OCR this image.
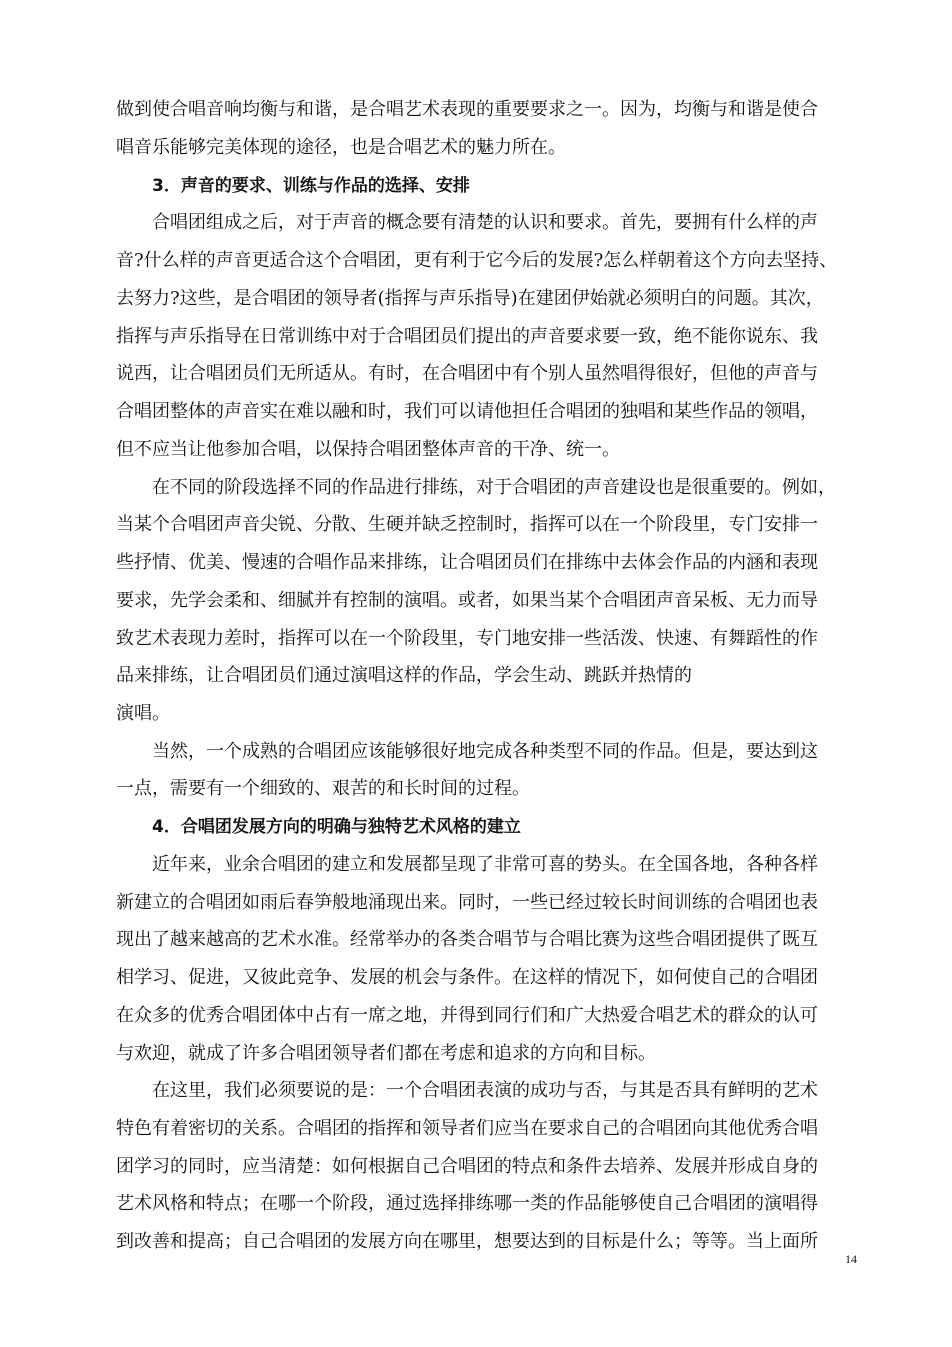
做到使合唱音响均衡与和谐，是合唱艺术表现的重要要求之一。因为，均衡与和谐是使合
唱音乐能够完美体现的途径，也是合唱艺术的魅力所在。
3．声音的要求、训练与作品的选择、安排
合唱团组成之后，对于声音的概念要有清楚的认识和要求。首先，要拥有什么样的声
音?什么样的声音更适合这个合唱团，更有利于它今后的发展?怎么样朝着这个方向去坚持、
去努力?这些，是合唱团的领导者(指挥与声乐指导)在建团伊始就必须明白的问题。其次，
指挥与声乐指导在日常训练中对于合唱团员们提出的声音要求要一致，绝不能你说东、我
说西，让合唱团员们无所适从。有时，在合唱团中有个别人虽然唱得很好，但他的声音与
合唱团整体的声音实在难以融和时，我们可以请他担任合唱团的独唱和某些作品的领唱，
但不应当让他参加合唱，以保持合唱团整体声音的干净、统一。
在不同的阶段选择不同的作品进行排练，对于合唱团的声音建设也是很重要的。例如，
当某个合唱团声音尖锐、分散、生硬并缺乏控制时，指挥可以在一个阶段里，专门安排一
些抒情、优美、慢速的合唱作品来排练，让合唱团员们在排练中去体会作品的内涵和表现
要求，先学会柔和、细腻并有控制的演唱。或者，如果当某个合唱团声音呆板、无力而导
致艺术表现力差时，指挥可以在一个阶段里，专门地安排一些活泼、快速、有舞蹈性的作
品来排练，让合唱团员们通过演唱这样的作品，学会生动、跳跃并热情的
演唱。
当然，一个成熟的合唱团应该能够很好地完成各种类型不同的作品。但是，要达到这
一点，需要有一个细致的、艰苦的和长时间的过程。
4．合唱团发展方向的明确与独特艺术风格的建立
近年来，业余合唱团的建立和发展都呈现了非常可喜的势头。在全国各地，各种各样
新建立的合唱团如雨后春笋般地涌现出来。同时，一些已经过较长时间训练的合唱团也表
现出了越来越高的艺术水准。经常举办的各类合唱节与合唱比赛为这些合唱团提供了既互
相学习、促进，又彼此竞争、发展的机会与条件。在这样的情况下，如何使自己的合唱团
在众多的优秀合唱团体中占有一席之地，并得到同行们和广大热爱合唱艺术的群众的认可
与欢迎，就成了许多合唱团领导者们都在考虑和追求的方向和目标。
在这里，我们必须要说的是：一个合唱团表演的成功与否，与其是否具有鲜明的艺术
特色有着密切的关系。合唱团的指挥和领导者们应当在要求自己的合唱团向其他优秀合唱
团学习的同时，应当清楚：如何根据自己合唱团的特点和条件去培养、发展并形成自身的
艺术风格和特点；在哪一个阶段，通过选择排练哪一类的作品能够使自己合唱团的演唱得
到改善和提高；自己合唱团的发展方向在哪里，想要达到的目标是什么；等等。当上面所
14
